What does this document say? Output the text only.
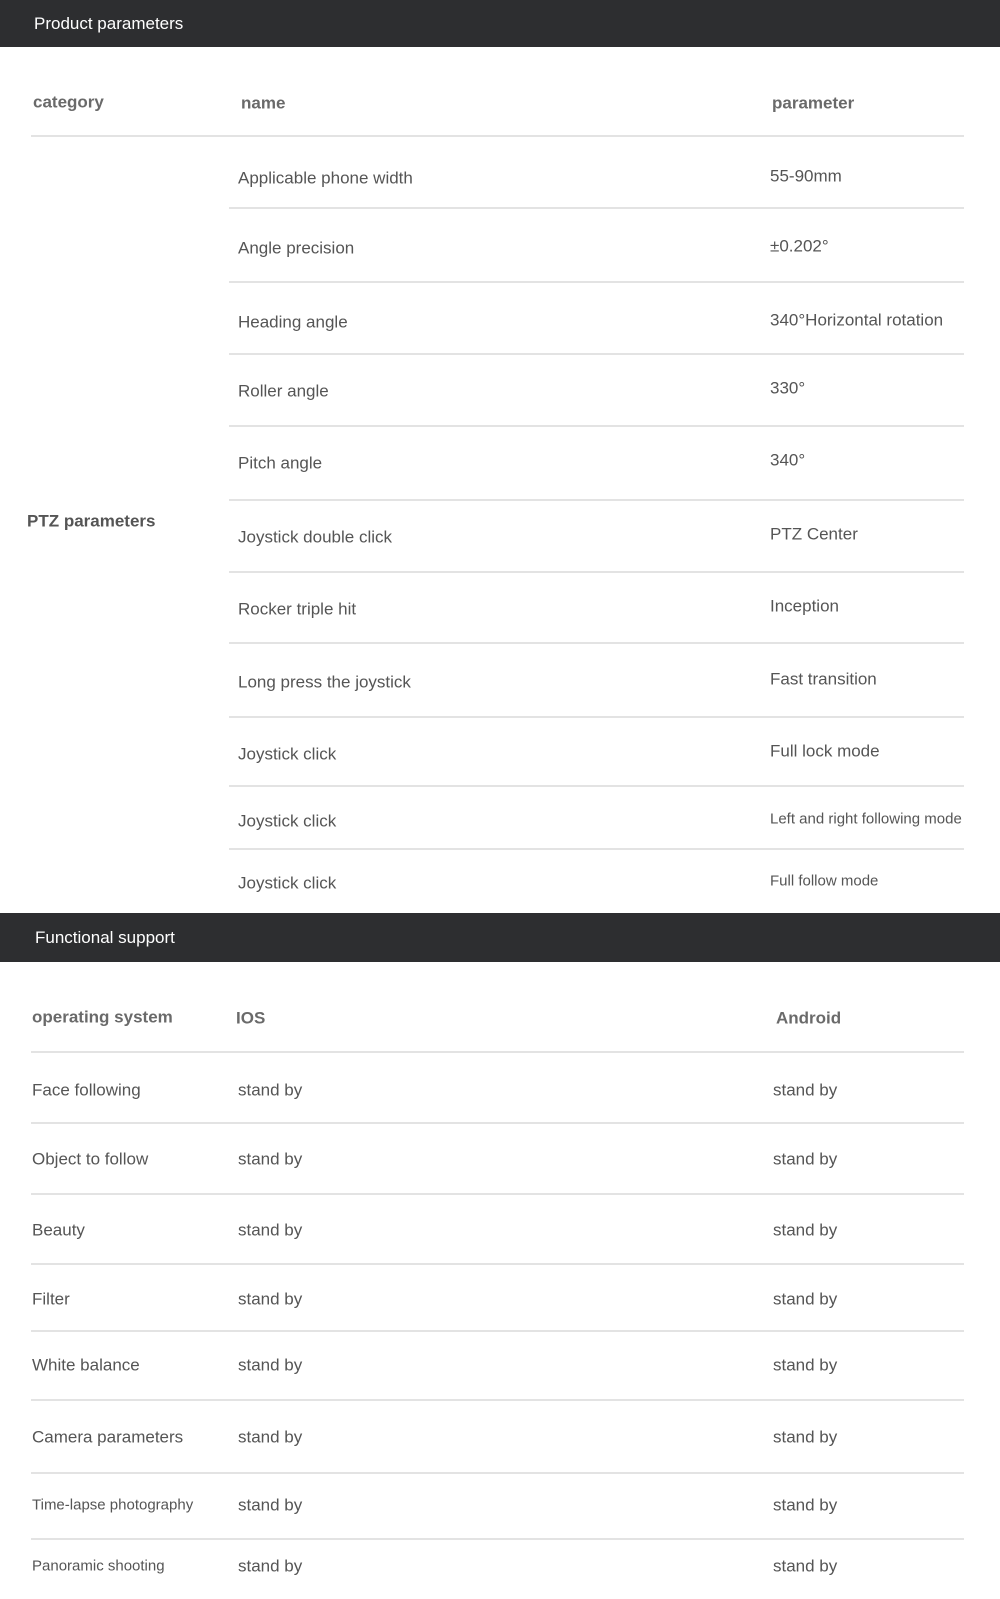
Product parameters
category	name	parameter
PTZ parameters
Applicable phone width	55-90mm
Angle precision	±0.202°
Heading angle	340°Horizontal rotation
Roller angle	330°
Pitch angle	340°
Joystick double click	PTZ Center
Rocker triple hit	Inception
Long press the joystick	Fast transition
Joystick click	Full lock mode
Joystick click	Left and right following mode
Joystick click	Full follow mode
Functional support
operating system	IOS	Android
Face following	stand by	stand by
Object to follow	stand by	stand by
Beauty	stand by	stand by
Filter	stand by	stand by
White balance	stand by	stand by
Camera parameters	stand by	stand by
Time-lapse photography	stand by	stand by
Panoramic shooting	stand by	stand by
